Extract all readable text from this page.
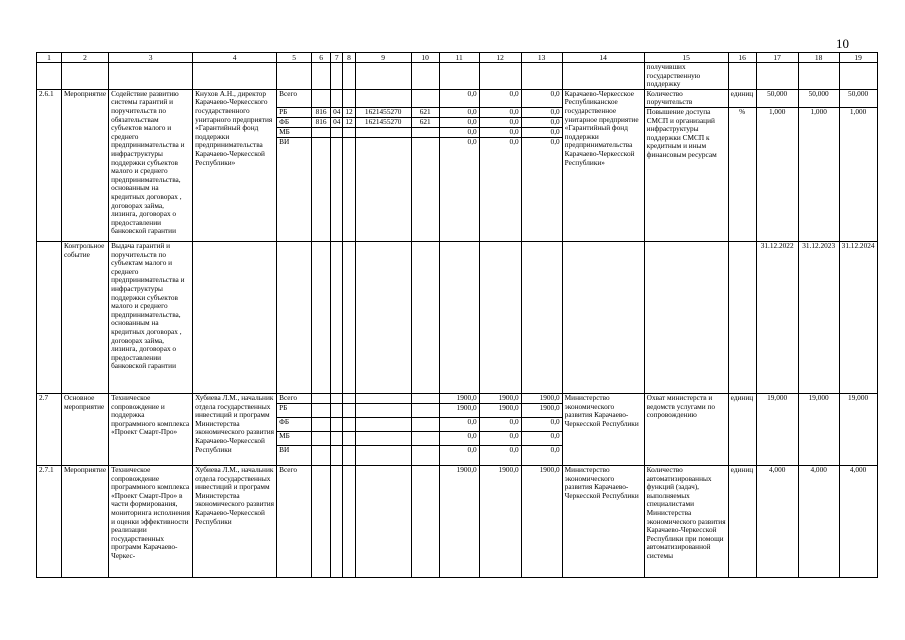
10
1	2	3	4	5	6	7	8	9	10	11	12	13	14	15	16	17	18	19
														получивших государственную поддержку				
2.6.1	Мероприятие	Содействие развитию системы гарантий и поручительств по обязательствам субъектов малого и среднего предпринимательства и инфраструктуры поддержки субъектов малого и среднего предпринимательства, основанным на кредитных договорах , договорах займа, лизинга, договорах о предоставлении банковской гарантии	Кнухов А.Н., директор Карачаево-Черкесского государственного унитарного предприятия «Гарантийный фонд поддержки предпринимательства Карачаево-Черкесской Республики»	Всего						0,0	0,0	0,0	Карачаево-Черкесское Республиканское государственное унитарное предприятие «Гарантийный фонд поддержки предпринимательства Карачаево-Черкесской Республики»	Количество поручительств	единиц	50,000	50,000	50,000
				РБ	816	04	12	1621455270	621	0,0	0,0	0,0		Повышение доступа СМСП и организаций инфраструктуры поддержки СМСП к кредитным и иным финансовым ресурсам	%	1,000	1,000	1,000
				ФБ	816	04	12	1621455270	621	0,0	0,0	0,0						
				МБ						0,0	0,0	0,0						
				ВИ						0,0	0,0	0,0						
	Контрольное событие	Выдача гарантий и поручительств по субъектам малого и среднего предпринимательства и инфраструктуры поддержки субъектов малого и среднего предпринимательства, основанным на кредитных договорах , договорах займа, лизинга, договорах о предоставлении банковской гарантии														31.12.2022	31.12.2023	31.12.2024
2.7	Основное мероприятие	Техническое сопровождение и поддержка программного комплекса «Проект Смарт-Про»	Хубиева Л.М., начальник отдела государственных инвестиций и программ Министерства экономического развития Карачаево-Черкесской Республики	Всего						1900,0	1900,0	1900,0	Министерство экономического развития Карачаево-Черкесской Республики	Охват министерств и ведомств услугами по сопровождению	единиц	19,000	19,000	19,000
				РБ						1900,0	1900,0	1900,0						
				ФБ						0,0	0,0	0,0						
				МБ						0,0	0,0	0,0						
				ВИ						0,0	0,0	0,0						
2.7.1	Мероприятие	Техническое сопровождение программного комплекса «Проект Смарт-Про» в части формирования, мониторинга исполнения и оценки эффективности реализации государственных программ Карачаево-Черкес-	Хубиева Л.М., начальник отдела государственных инвестиций и программ Министерства экономического развития Карачаево-Черкесской Республики	Всего						1900,0	1900,0	1900,0	Министерство экономического развития Карачаево-Черкесской Республики	Количество автоматизированных функций (задач), выполняемых специалистами Министерства экономического развития Карачаево-Черкесской Республики при помощи автоматизированной системы	единиц	4,000	4,000	4,000
